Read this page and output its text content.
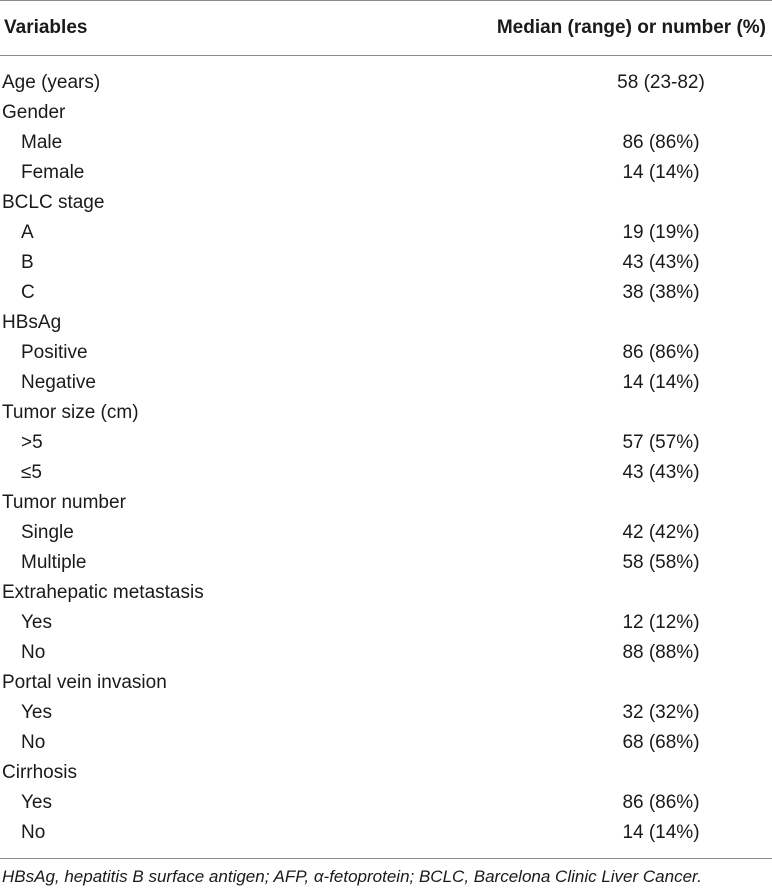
Variables	Median (range) or number (%)
Age (years)	58 (23-82)
Gender
Male	86 (86%)
Female	14 (14%)
BCLC stage
A	19 (19%)
B	43 (43%)
C	38 (38%)
HBsAg
Positive	86 (86%)
Negative	14 (14%)
Tumor size (cm)
>5	57 (57%)
≤5	43 (43%)
Tumor number
Single	42 (42%)
Multiple	58 (58%)
Extrahepatic metastasis
Yes	12 (12%)
No	88 (88%)
Portal vein invasion
Yes	32 (32%)
No	68 (68%)
Cirrhosis
Yes	86 (86%)
No	14 (14%)
HBsAg, hepatitis B surface antigen; AFP, α-fetoprotein; BCLC, Barcelona Clinic Liver Cancer.
